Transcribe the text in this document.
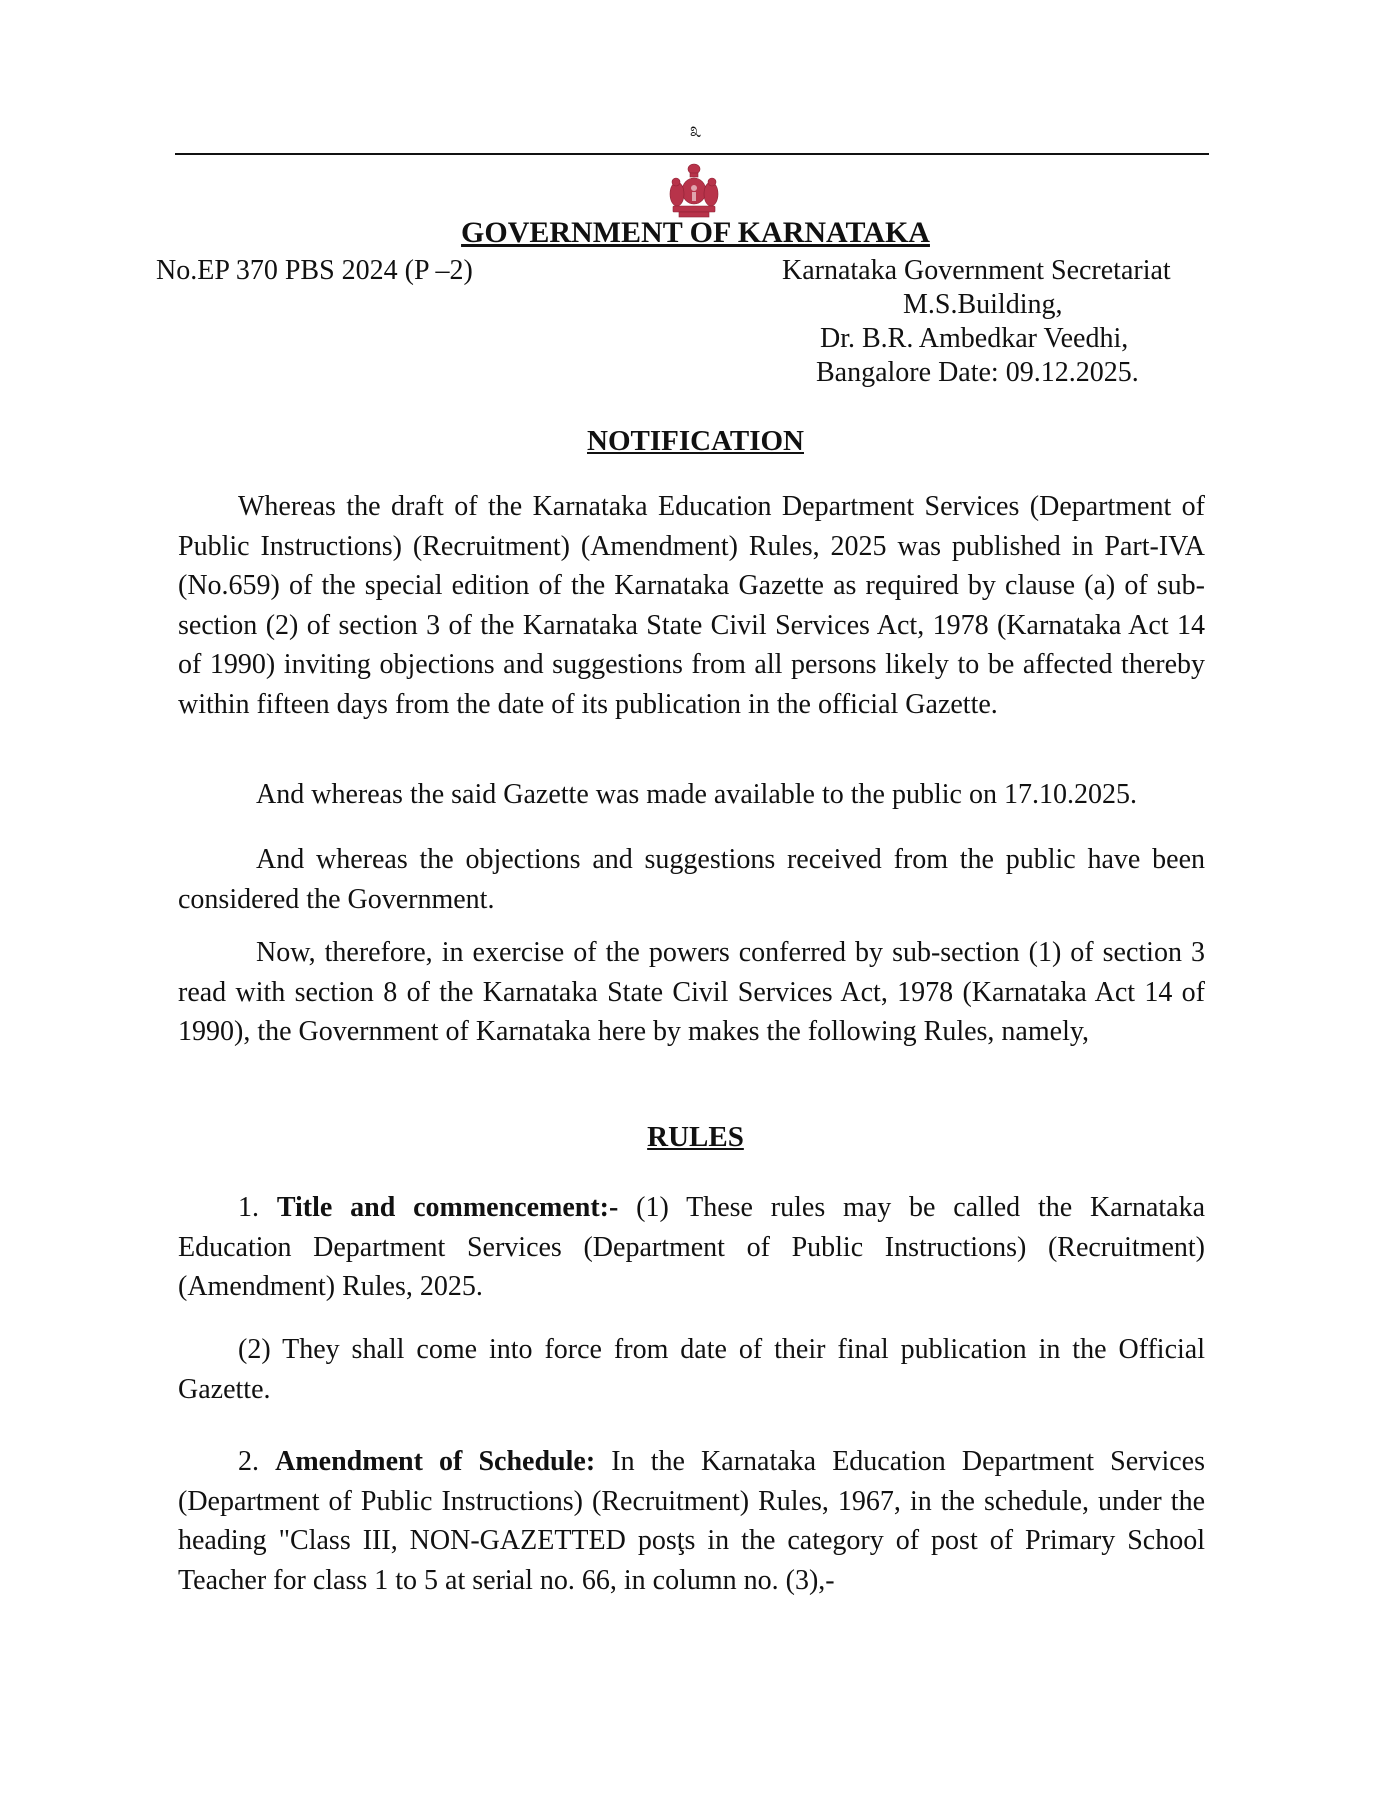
೩
GOVERNMENT OF KARNATAKA
No.EP 370 PBS 2024 (P –2)	Karnataka Government Secretariat
M.S.Building,
Dr. B.R. Ambedkar Veedhi,
Bangalore Date: 09.12.2025.
NOTIFICATION

Whereas the draft of the Karnataka Education Department Services (Department of Public Instructions) (Recruitment) (Amendment) Rules, 2025 was published in Part-IVA (No.659) of the special edition of the Karnataka Gazette as required by clause (a) of sub-section (2) of section 3 of the Karnataka State Civil Services Act, 1978 (Karnataka Act 14 of 1990) inviting objections and suggestions from all persons likely to be affected thereby within fifteen days from the date of its publication in the official Gazette.

And whereas the said Gazette was made available to the public on 17.10.2025.

And whereas the objections and suggestions received from the public have been considered the Government.

Now, therefore, in exercise of the powers conferred by sub-section (1) of section 3 read with section 8 of the Karnataka State Civil Services Act, 1978 (Karnataka Act 14 of 1990), the Government of Karnataka here by makes the following Rules, namely,

RULES

1. Title and commencement:- (1) These rules may be called the Karnataka Education Department Services (Department of Public Instructions) (Recruitment) (Amendment) Rules, 2025.

(2) They shall come into force from date of their final publication in the Official Gazette.

2. Amendment of Schedule: In the Karnataka Education Department Services (Department of Public Instructions) (Recruitment) Rules, 1967, in the schedule, under the heading "Class III, NON-GAZETTED posţs in the category of post of Primary School Teacher for class 1 to 5 at serial no. 66, in column no. (3),-
